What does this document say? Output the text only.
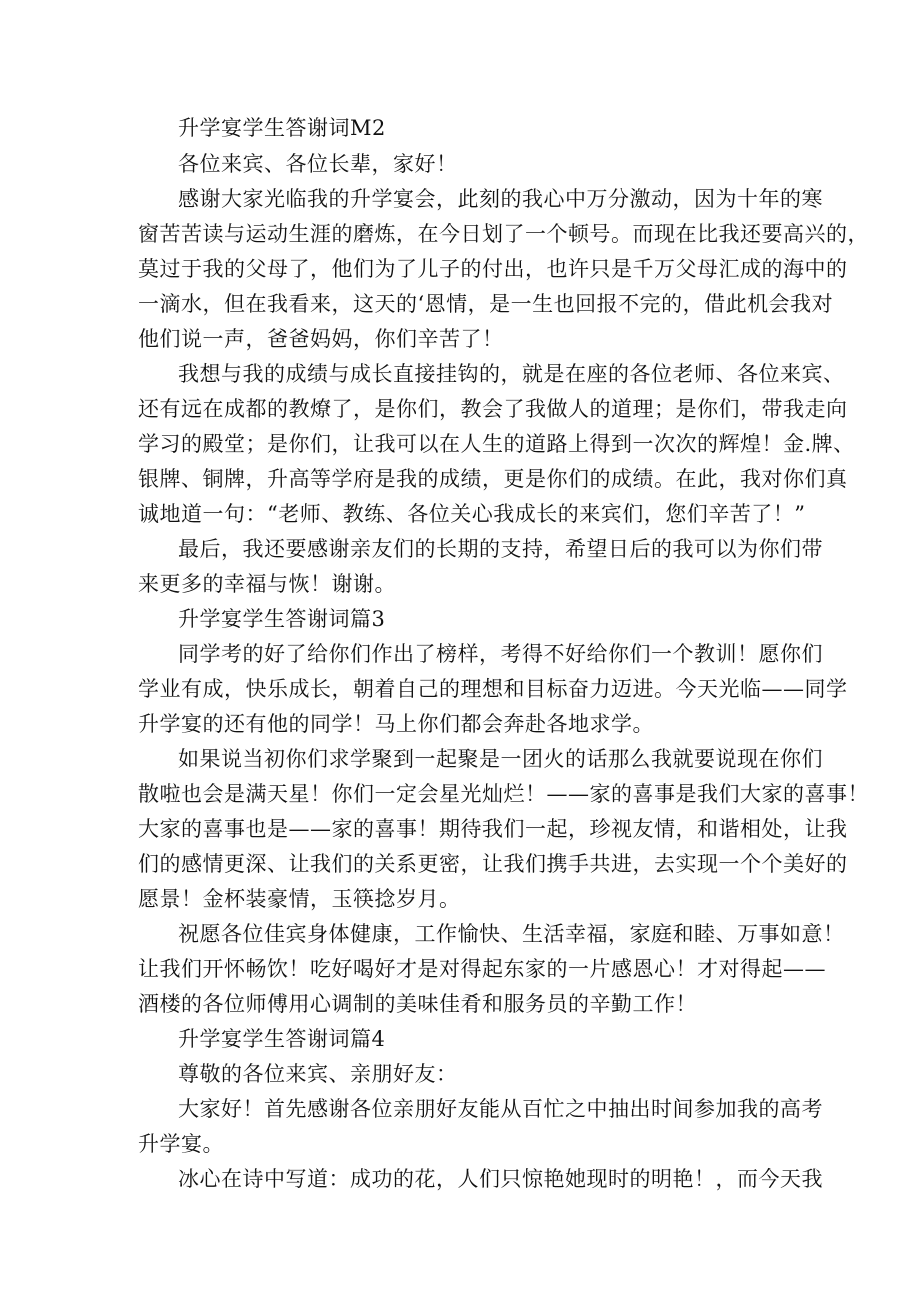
升学宴学生答谢词M2
各位来宾、各位长辈，家好！
感谢大家光临我的升学宴会，此刻的我心中万分激动，因为十年的寒
窗苦苦读与运动生涯的磨炼，在今日划了一个顿号。而现在比我还要高兴的，
莫过于我的父母了，他们为了儿子的付出，也许只是千万父母汇成的海中的
一滴水，但在我看来，这天的‘恩情，是一生也回报不完的，借此机会我对
他们说一声，爸爸妈妈，你们辛苦了！
我想与我的成绩与成长直接挂钩的，就是在座的各位老师、各位来宾、
还有远在成都的教燎了，是你们，教会了我做人的道理；是你们，带我走向
学习的殿堂；是你们，让我可以在人生的道路上得到一次次的辉煌！金.牌、
银牌、铜牌，升高等学府是我的成绩，更是你们的成绩。在此，我对你们真
诚地道一句：“老师、教练、各位关心我成长的来宾们，您们辛苦了！”
最后，我还要感谢亲友们的长期的支持，希望日后的我可以为你们带
来更多的幸福与恢！谢谢。
升学宴学生答谢词篇3
同学考的好了给你们作出了榜样，考得不好给你们一个教训！愿你们
学业有成，快乐成长，朝着自己的理想和目标奋力迈进。今天光临——同学
升学宴的还有他的同学！马上你们都会奔赴各地求学。
如果说当初你们求学聚到一起聚是一团火的话那么我就要说现在你们
散啦也会是满天星！你们一定会星光灿烂！——家的喜事是我们大家的喜事！
大家的喜事也是——家的喜事！期待我们一起，珍视友情，和谐相处，让我
们的感情更深、让我们的关系更密，让我们携手共进，去实现一个个美好的
愿景！金杯装豪情，玉筷捻岁月。
祝愿各位佳宾身体健康，工作愉快、生活幸福，家庭和睦、万事如意！
让我们开怀畅饮！吃好喝好才是对得起东家的一片感恩心！才对得起——
酒楼的各位师傅用心调制的美味佳肴和服务员的辛勤工作！
升学宴学生答谢词篇4
尊敬的各位来宾、亲朋好友：
大家好！首先感谢各位亲朋好友能从百忙之中抽出时间参加我的高考
升学宴。
冰心在诗中写道：成功的花，人们只惊艳她现时的明艳！，而今天我
